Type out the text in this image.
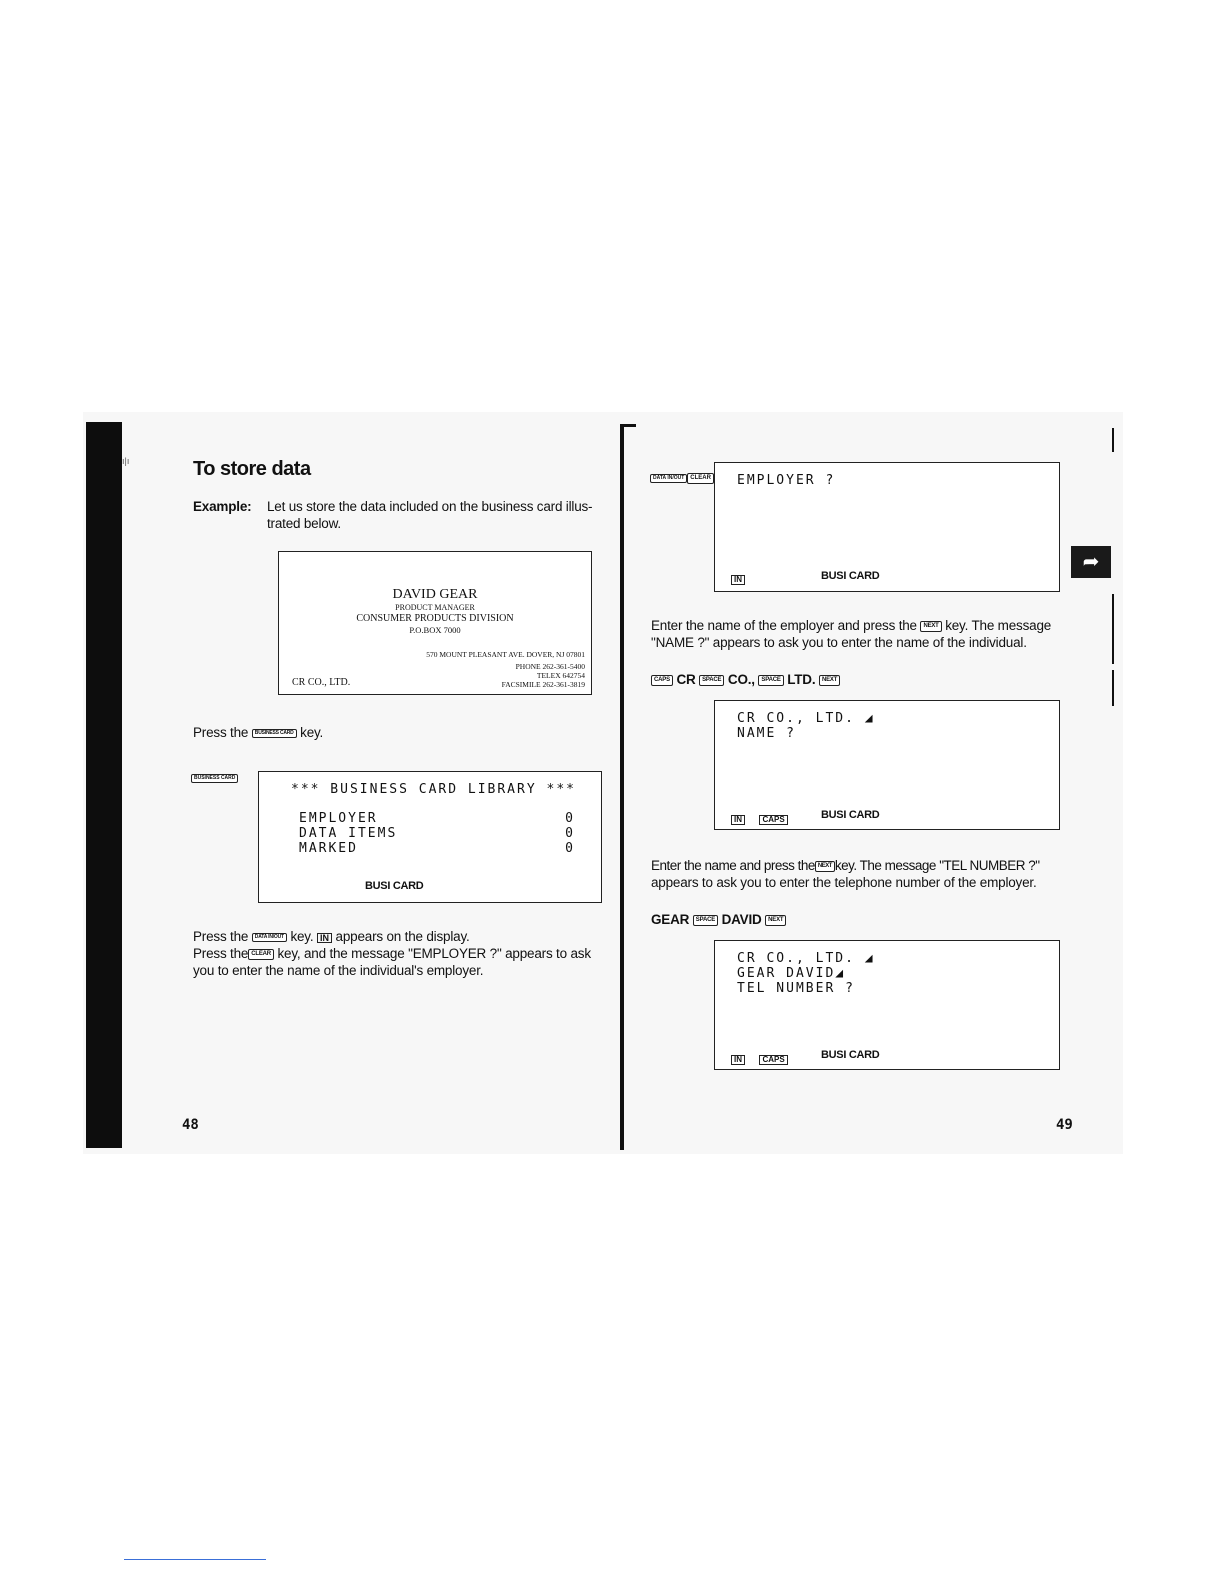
➦
ı|ı	To store data
Example: Let us store the data included on the business card illus-
trated below.
DAVID GEAR
PRODUCT MANAGER
CONSUMER PRODUCTS DIVISION
P.O.BOX 7000
570 MOUNT PLEASANT AVE. DOVER, NJ 07801
PHONE 262-361-5400
TELEX 642754
FACSIMILE 262-361-3819
CR CO., LTD.
Press the BUSINESS CARD key.
BUSINESS CARD
*** BUSINESS CARD LIBRARY ***
EMPLOYER	0
DATA ITEMS	0
MARKED	0
BUSI CARD
Press the DATA IN/OUT key. IN appears on the display.
Press the CLEAR key, and the message "EMPLOYER ?" appears to ask
you to enter the name of the individual's employer.
48
DATA IN/OUT CLEAR EMPLOYER ?
IN	BUSI CARD
Enter the name of the employer and press the NEXT key. The message
"NAME ?" appears to ask you to enter the name of the individual.
CAPS CR SPACE CO., SPACE LTD. NEXT
CR CO., LTD. ◢
NAME ?
IN	CAPS	BUSI CARD
Enter the name and press the NEXT key. The message "TEL NUMBER ?"
appears to ask you to enter the telephone number of the employer.
GEAR SPACE DAVID NEXT
CR CO., LTD. ◢
GEAR DAVID◢
TEL NUMBER ?
IN	CAPS	BUSI CARD
49
